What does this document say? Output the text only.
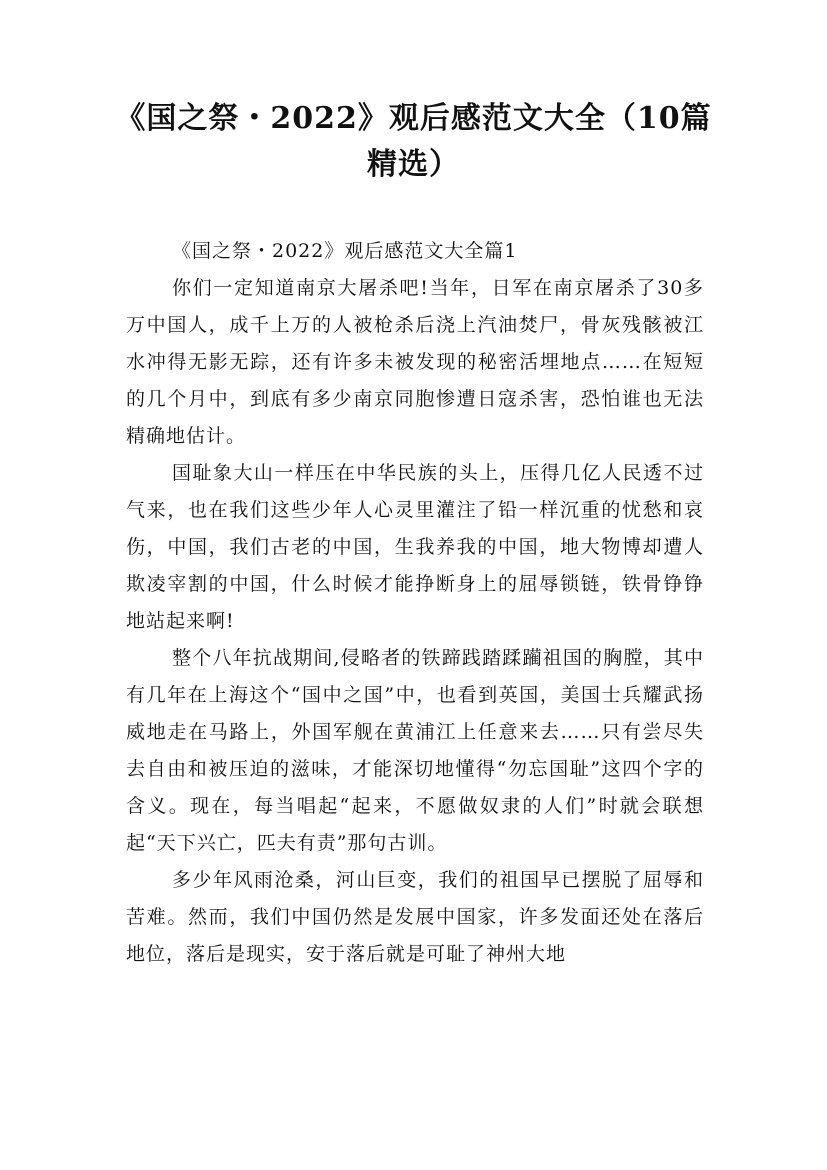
《国之祭・2022》观后感范文大全（10篇精选）

《国之祭・2022》观后感范文大全篇1

你们一定知道南京大屠杀吧!当年，日军在南京屠杀了30多万中国人，成千上万的人被枪杀后浇上汽油焚尸，骨灰残骸被江水冲得无影无踪，还有许多未被发现的秘密活埋地点……在短短的几个月中，到底有多少南京同胞惨遭日寇杀害，恐怕谁也无法精确地估计。

国耻象大山一样压在中华民族的头上，压得几亿人民透不过气来，也在我们这些少年人心灵里灌注了铅一样沉重的忧愁和哀伤，中国，我们古老的中国，生我养我的中国，地大物博却遭人欺凌宰割的中国，什么时候才能挣断身上的屈辱锁链，铁骨铮铮地站起来啊!

整个八年抗战期间,侵略者的铁蹄践踏蹂躏祖国的胸膛，其中有几年在上海这个“国中之国”中，也看到英国，美国士兵耀武扬威地走在马路上，外国军舰在黄浦江上任意来去……只有尝尽失去自由和被压迫的滋味，才能深切地懂得“勿忘国耻”这四个字的含义。现在，每当唱起“起来，不愿做奴隶的人们”时就会联想起“天下兴亡，匹夫有责”那句古训。

多少年风雨沧桑，河山巨变，我们的祖国早已摆脱了屈辱和苦难。然而，我们中国仍然是发展中国家，许多发面还处在落后地位，落后是现实，安于落后就是可耻了神州大地
